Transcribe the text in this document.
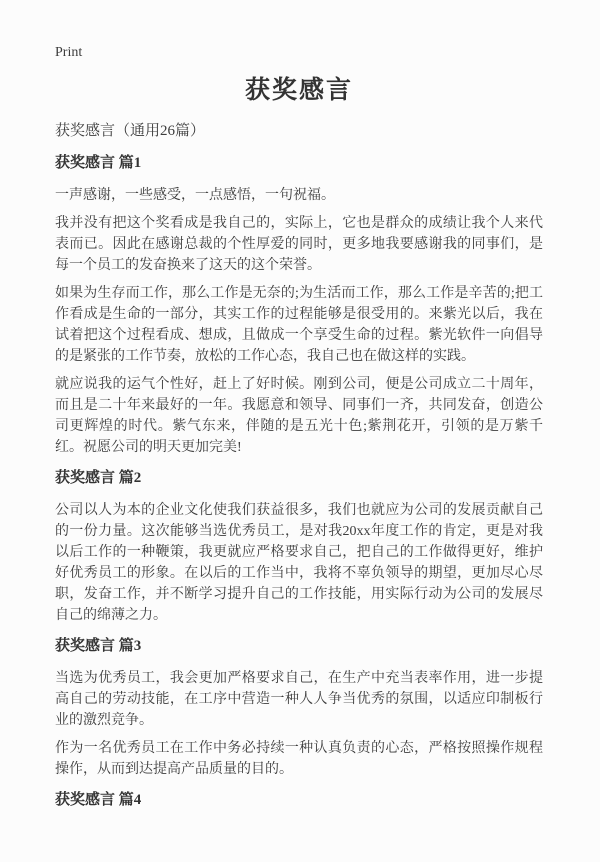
Print
获奖感言

获奖感言（通用26篇）

获奖感言 篇1

一声感谢，一些感受，一点感悟，一句祝福。

我并没有把这个奖看成是我自己的，实际上，它也是群众的成绩让我个人来代表而已。因此在感谢总裁的个性厚爱的同时，更多地我要感谢我的同事们，是每一个员工的发奋换来了这天的这个荣誉。

如果为生存而工作，那么工作是无奈的;为生活而工作，那么工作是辛苦的;把工作看成是生命的一部分，其实工作的过程能够是很受用的。来紫光以后，我在试着把这个过程看成、想成，且做成一个享受生命的过程。紫光软件一向倡导的是紧张的工作节奏，放松的工作心态，我自己也在做这样的实践。

就应说我的运气个性好，赶上了好时候。刚到公司，便是公司成立二十周年，而且是二十年来最好的一年。我愿意和领导、同事们一齐，共同发奋，创造公司更辉煌的时代。紫气东来，伴随的是五光十色;紫荆花开，引领的是万紫千红。祝愿公司的明天更加完美!

获奖感言 篇2

公司以人为本的企业文化使我们获益很多，我们也就应为公司的发展贡献自己的一份力量。这次能够当选优秀员工，是对我20xx年度工作的肯定，更是对我以后工作的一种鞭策，我更就应严格要求自己，把自己的工作做得更好，维护好优秀员工的形象。在以后的工作当中，我将不辜负领导的期望，更加尽心尽职，发奋工作，并不断学习提升自己的工作技能，用实际行动为公司的发展尽自己的绵薄之力。

获奖感言 篇3

当选为优秀员工，我会更加严格要求自己，在生产中充当表率作用，进一步提高自己的劳动技能，在工序中营造一种人人争当优秀的氛围，以适应印制板行业的激烈竞争。

作为一名优秀员工在工作中务必持续一种认真负责的心态，严格按照操作规程操作，从而到达提高产品质量的目的。

获奖感言 篇4
